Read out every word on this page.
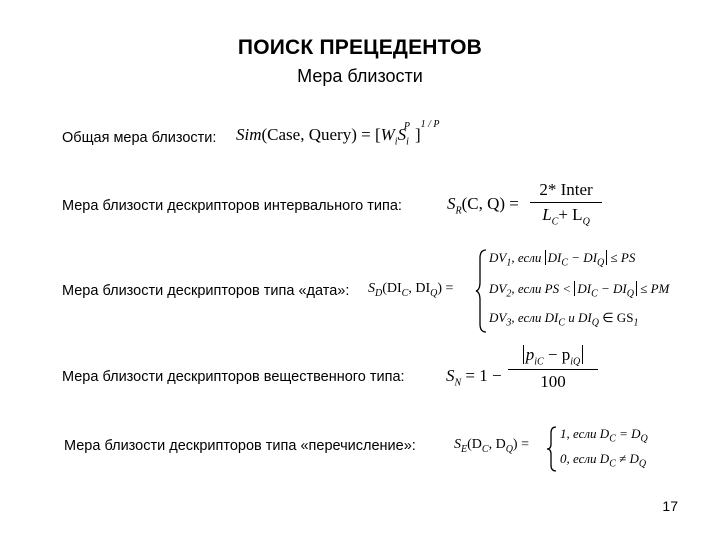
ПОИСК ПРЕЦЕДЕНТОВ
Мера близости
Общая мера близости: Sim(Case, Query) = [$W_iS_i^P$ ]$^{1 / P}$
Мера близости дескрипторов интервального типа:	$S_R(C$, Q) =
2* Inter
$L_C+ L_Q$
Мера близости дескрипторов типа «дата»: $S_D(DI_C$, $DI_Q$) =
$DV_1$, если $DI_C - DI_Q$ ≤ PS
$DV_2$, если PS < $DI_C - DI_Q$ ≤ PM
$DV_3$, если $DI_C$ и $DI_Q$ ∈ $GS_1$
Мера близости дескрипторов вещественного типа: $S_N = 1$ −
$p_{iC} - p_{iQ}$
100
Мера близости дескрипторов типа «перечисление»:	$S_E(D_C$, $D_Q$) =
1, если $D_C = D_Q$
0, если $D_C \ne D_Q$
17
